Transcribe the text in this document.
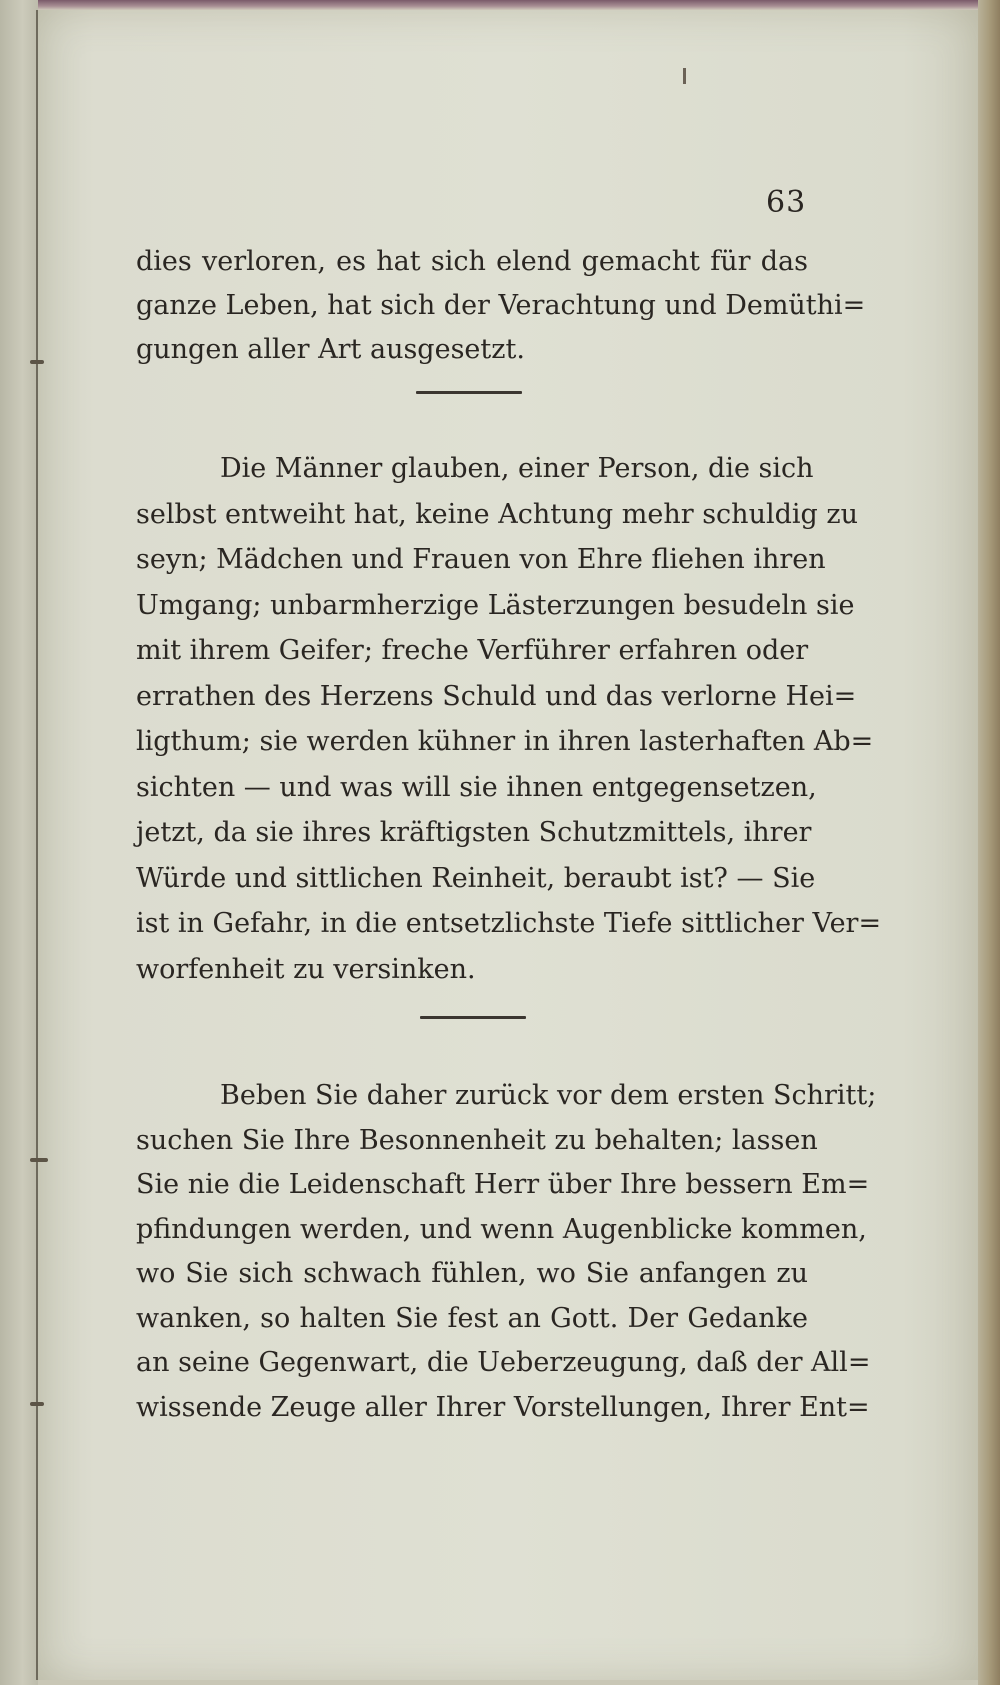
63
dies verloren, es hat sich elend gemacht für das
ganze Leben, hat sich der Verachtung und Demüthi=
gungen aller Art ausgesetzt.
Die Männer glauben, einer Person, die sich
selbst entweiht hat, keine Achtung mehr schuldig zu
seyn; Mädchen und Frauen von Ehre fliehen ihren
Umgang; unbarmherzige Lästerzungen besudeln sie
mit ihrem Geifer; freche Verführer erfahren oder
errathen des Herzens Schuld und das verlorne Hei=
ligthum; sie werden kühner in ihren lasterhaften Ab=
sichten — und was will sie ihnen entgegensetzen,
jetzt, da sie ihres kräftigsten Schutzmittels, ihrer
Würde und sittlichen Reinheit, beraubt ist? — Sie
ist in Gefahr, in die entsetzlichste Tiefe sittlicher Ver=
worfenheit zu versinken.
Beben Sie daher zurück vor dem ersten Schritt;
suchen Sie Ihre Besonnenheit zu behalten; lassen
Sie nie die Leidenschaft Herr über Ihre bessern Em=
pfindungen werden, und wenn Augenblicke kommen,
wo Sie sich schwach fühlen, wo Sie anfangen zu
wanken, so halten Sie fest an Gott. Der Gedanke
an seine Gegenwart, die Ueberzeugung, daß der All=
wissende Zeuge aller Ihrer Vorstellungen, Ihrer Ent=
